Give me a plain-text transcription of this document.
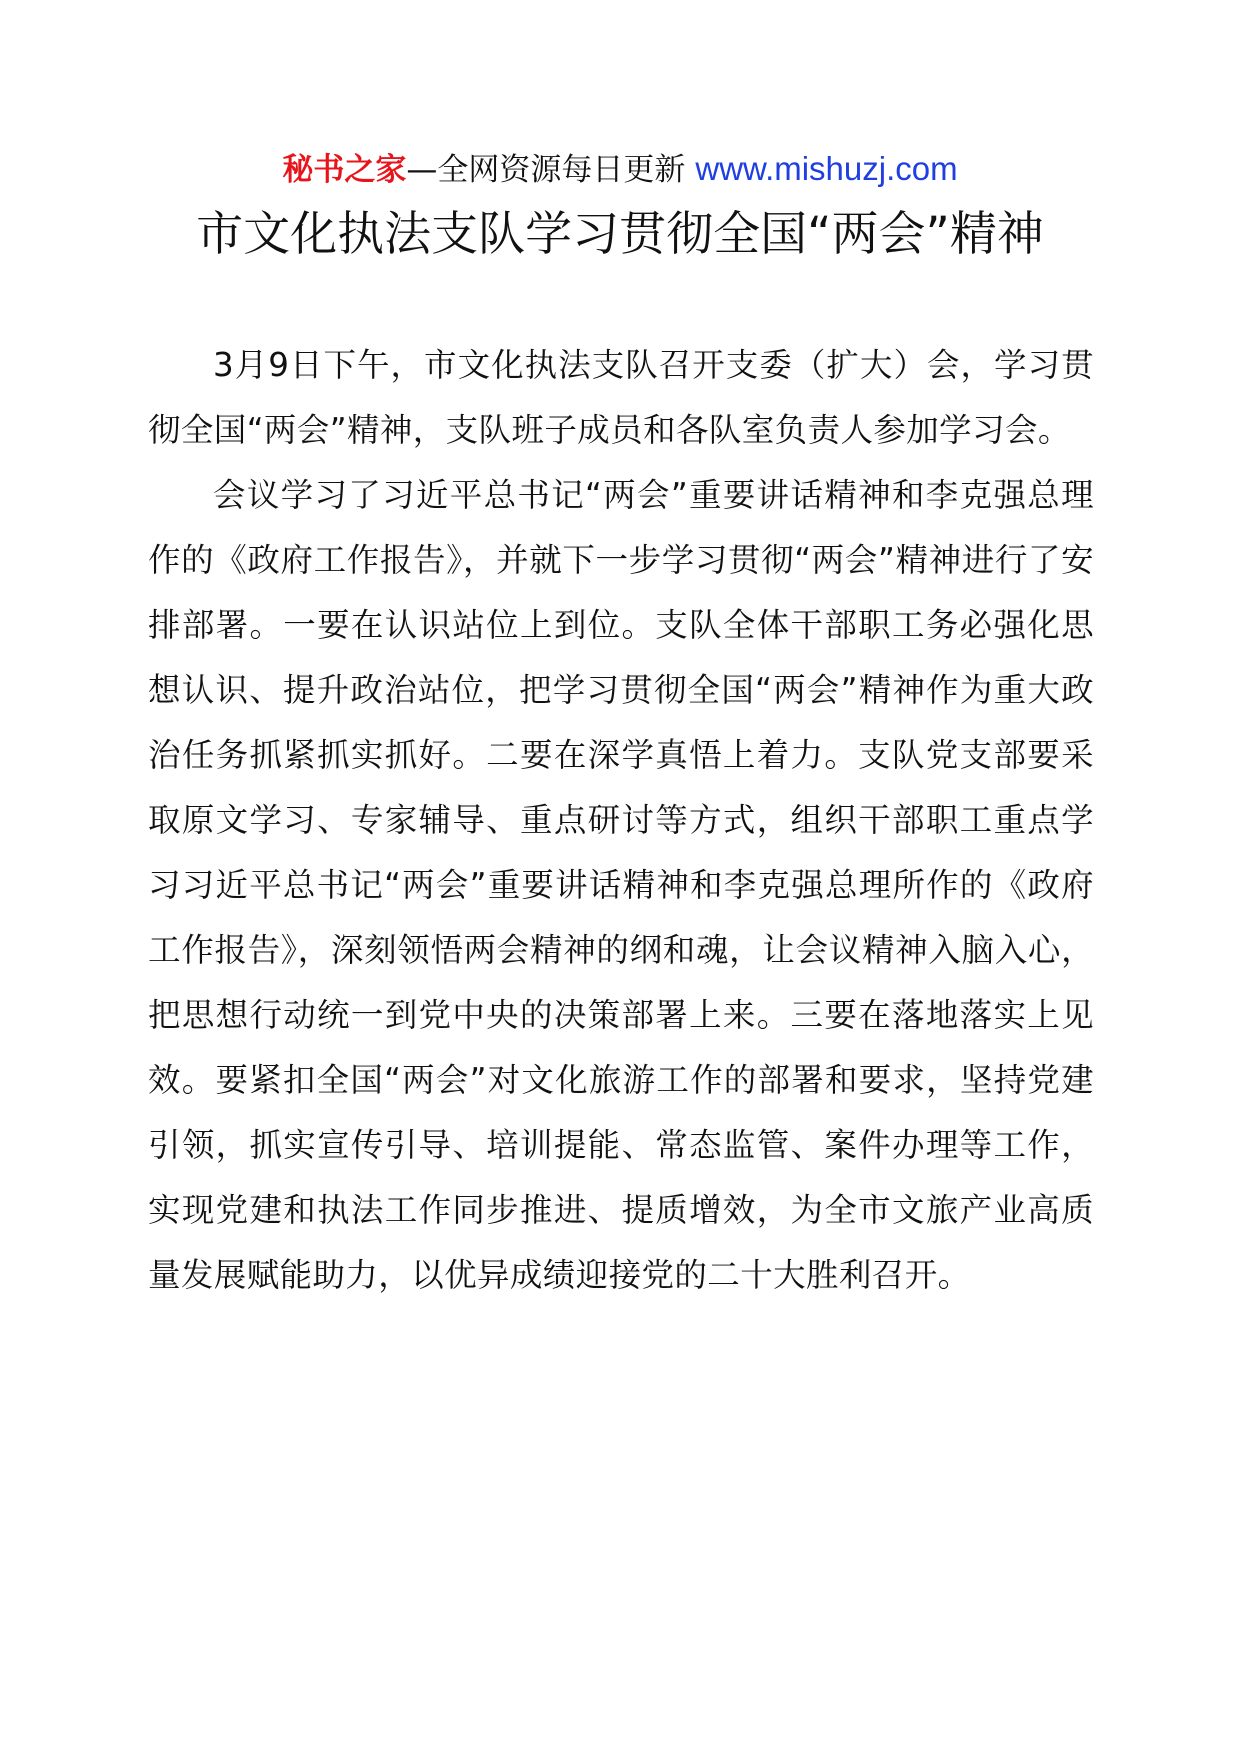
秘书之家—全网资源每日更新 www.mishuzj.com
市文化执法支队学习贯彻全国“两会”精神

3月9日下午，市文化执法支队召开支委（扩大）会，学习贯彻全国“两会”精神，支队班子成员和各队室负责人参加学习会。

会议学习了习近平总书记“两会”重要讲话精神和李克强总理作的《政府工作报告》，并就下一步学习贯彻“两会”精神进行了安排部署。一要在认识站位上到位。支队全体干部职工务必强化思想认识、提升政治站位，把学习贯彻全国“两会”精神作为重大政治任务抓紧抓实抓好。二要在深学真悟上着力。支队党支部要采取原文学习、专家辅导、重点研讨等方式，组织干部职工重点学习习近平总书记“两会”重要讲话精神和李克强总理所作的《政府工作报告》，深刻领悟两会精神的纲和魂，让会议精神入脑入心，把思想行动统一到党中央的决策部署上来。三要在落地落实上见效。要紧扣全国“两会”对文化旅游工作的部署和要求，坚持党建引领，抓实宣传引导、培训提能、常态监管、案件办理等工作，实现党建和执法工作同步推进、提质增效，为全市文旅产业高质量发展赋能助力，以优异成绩迎接党的二十大胜利召开。
